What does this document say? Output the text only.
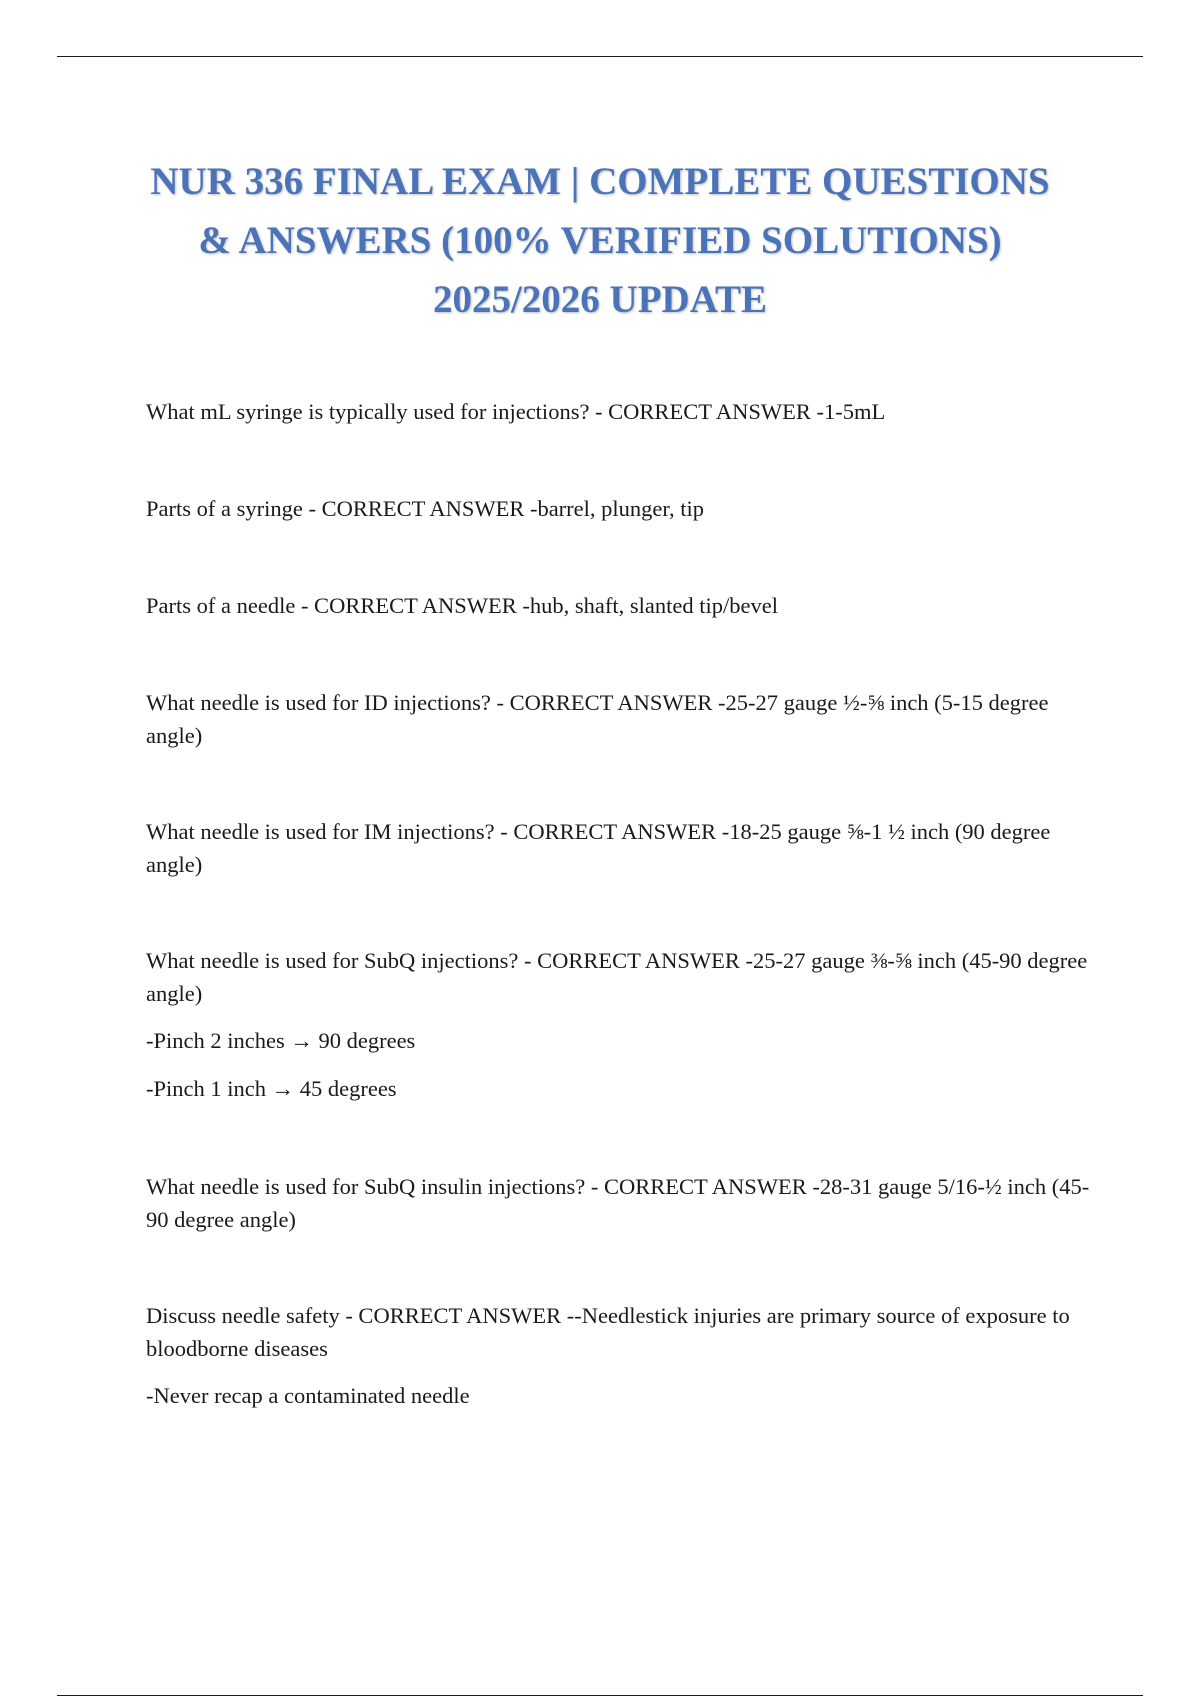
NUR 336 FINAL EXAM | COMPLETE QUESTIONS
& ANSWERS (100% VERIFIED SOLUTIONS)
2025/2026 UPDATE

What mL syringe is typically used for injections? - CORRECT ANSWER -1-5mL

Parts of a syringe - CORRECT ANSWER -barrel, plunger, tip

Parts of a needle - CORRECT ANSWER -hub, shaft, slanted tip/bevel

What needle is used for ID injections? - CORRECT ANSWER -25-27 gauge ½-⅝ inch (5-15 degree angle)

What needle is used for IM injections? - CORRECT ANSWER -18-25 gauge ⅝-1 ½ inch (90 degree angle)

What needle is used for SubQ injections? - CORRECT ANSWER -25-27 gauge ⅜-⅝ inch (45-90 degree angle)

-Pinch 2 inches → 90 degrees

-Pinch 1 inch → 45 degrees

What needle is used for SubQ insulin injections? - CORRECT ANSWER -28-31 gauge 5/16-½ inch (45-90 degree angle)

Discuss needle safety - CORRECT ANSWER --Needlestick injuries are primary source of exposure to bloodborne diseases

-Never recap a contaminated needle
